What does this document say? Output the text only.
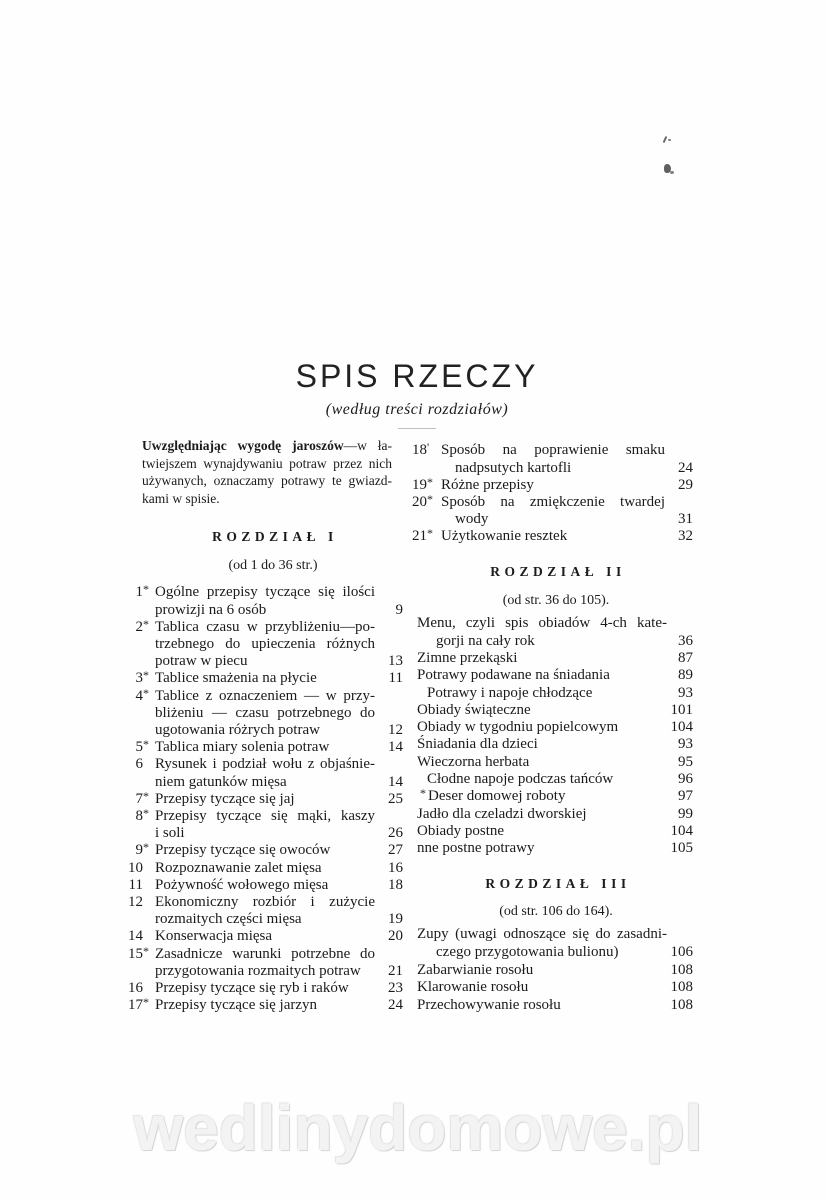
SPIS RZECZY
(według treści rozdziałów)
Uwzględniając wygodę jaroszów—w ła-
twiejszem wynajdywaniu potraw przez nich
używanych, oznaczamy potrawy te gwiazd-
kami w spisie.
ROZDZIAŁ I
(od 1 do 36 str.)
1 * Ogólne przepisy tyczące się ilości
prowizji na 6 osób	9
2 * Tablica czasu w przybliżeniu—po-
trzebnego do upieczenia różnych
potraw w piecu	13
3 * Tablice smażenia na płycie	11
4 * Tablice z oznaczeniem — w przy-
bliżeniu — czasu potrzebnego do
ugotowania różrych potraw	12
5 * Tablica miary solenia potraw	14
6 Rysunek i podział wołu z objaśnie-
niem gatunków mięsa	14
7 * Przepisy tyczące się jaj	25
8 * Przepisy tyczące się mąki, kaszy
i soli	26
9 * Przepisy tyczące się owoców	27
10 Rozpoznawanie zalet mięsa	16
11 Pożywność wołowego mięsa	18
12 Ekonomiczny rozbiór i zużycie
rozmaitych części mięsa	19
14 Konserwacja mięsa	20
15 * Zasadnicze warunki potrzebne do
przygotowania rozmaitych potraw	21
16 Przepisy tyczące się ryb i raków	23
17 * Przepisy tyczące się jarzyn	24
18 ' Sposób na poprawienie smaku
nadpsutych kartofli	24
19 * Różne przepisy	29
20 * Sposób na zmiękczenie twardej
wody	31
21 * Użytkowanie resztek	32
ROZDZIAŁ II
(od str. 36 do 105).
Menu, czyli spis obiadów 4-ch kate-
gorji na cały rok	36
Zimne przekąski	87
Potrawy podawane na śniadania	89
Potrawy i napoje chłodzące	93
Obiady świąteczne	101
Obiady w tygodniu popielcowym	104
Śniadania dla dzieci	93
Wieczorna herbata	95
Cłodne napoje podczas tańców	96
* Deser domowej roboty	97
Jadło dla czeladzi dworskiej	99
Obiady postne	104
nne postne potrawy	105
ROZDZIAŁ III
(od str. 106 do 164).
Zupy (uwagi odnoszące się do zasadni-
czego przygotowania bulionu)	106
Zabarwianie rosołu	108
Klarowanie rosołu	108
Przechowywanie rosołu	108
wedlinydomowe.pl
